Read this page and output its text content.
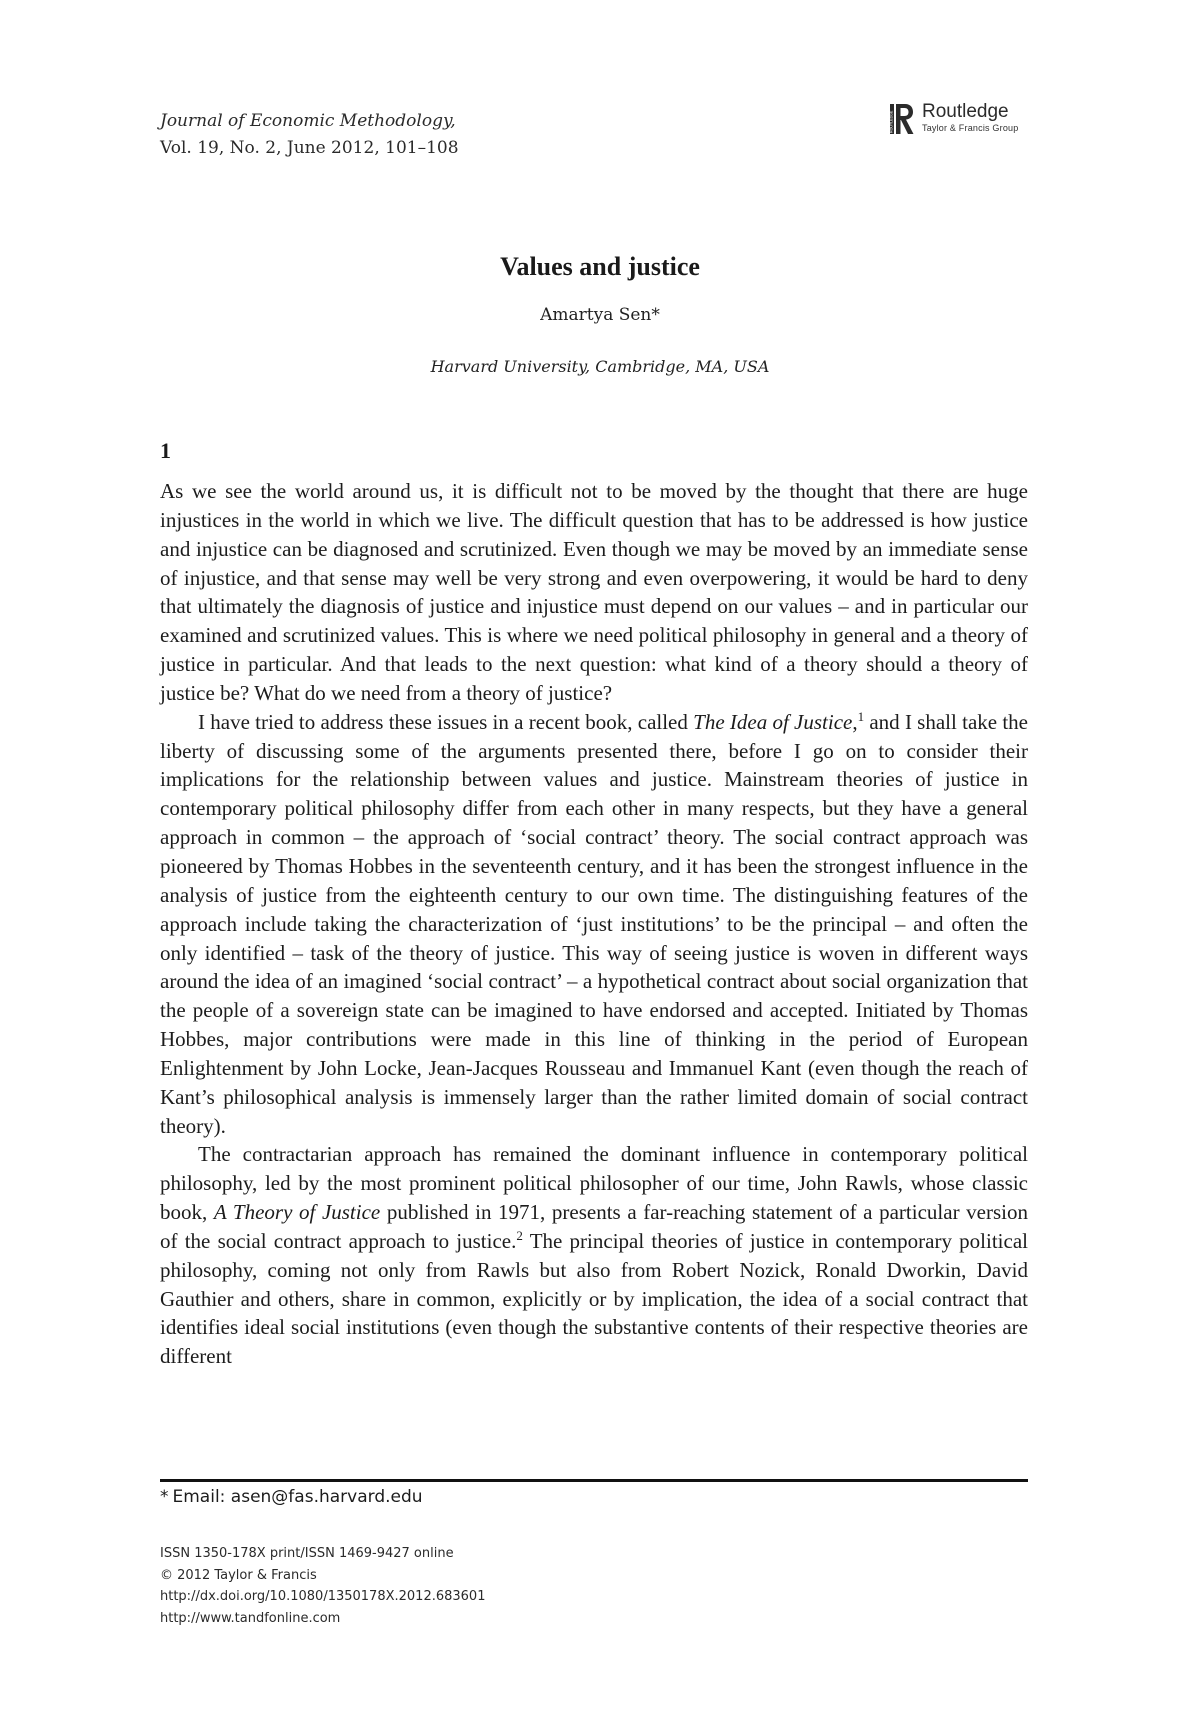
Journal of Economic Methodology,
Vol. 19, No. 2, June 2012, 101–108
ROUTLEDGE Routledge
Taylor & Francis Group
Values and justice
Amartya Sen*
Harvard University, Cambridge, MA, USA
1

As we see the world around us, it is difficult not to be moved by the thought that there are huge injustices in the world in which we live. The difficult question that has to be addressed is how justice and injustice can be diagnosed and scrutinized. Even though we may be moved by an immediate sense of injustice, and that sense may well be very strong and even overpowering, it would be hard to deny that ultimately the diagnosis of justice and injustice must depend on our values – and in particular our examined and scrutinized values. This is where we need political philosophy in general and a theory of justice in particular. And that leads to the next question: what kind of a theory should a theory of justice be? What do we need from a theory of justice?

I have tried to address these issues in a recent book, called The Idea of Justice,$^1$ and I shall take the liberty of discussing some of the arguments presented there, before I go on to consider their implications for the relationship between values and justice. Mainstream theories of justice in contemporary political philosophy differ from each other in many respects, but they have a general approach in common – the approach of ‘social contract’ theory. The social contract approach was pioneered by Thomas Hobbes in the seventeenth century, and it has been the strongest influence in the analysis of justice from the eighteenth century to our own time. The distinguishing features of the approach include taking the characterization of ‘just institutions’ to be the principal – and often the only identified – task of the theory of justice. This way of seeing justice is woven in different ways around the idea of an imagined ‘social contract’ – a hypothetical contract about social organization that the people of a sovereign state can be imagined to have endorsed and accepted. Initiated by Thomas Hobbes, major contributions were made in this line of thinking in the period of European Enlightenment by John Locke, Jean-Jacques Rousseau and Immanuel Kant (even though the reach of Kant’s philosophical analysis is immensely larger than the rather limited domain of social contract theory).

The contractarian approach has remained the dominant influence in contemporary political philosophy, led by the most prominent political philosopher of our time, John Rawls, whose classic book, A Theory of Justice published in 1971, presents a far-reaching statement of a particular version of the social contract approach to justice.$^2$ The principal theories of justice in contemporary political philosophy, coming not only from Rawls but also from Robert Nozick, Ronald Dworkin, David Gauthier and others, share in common, explicitly or by implication, the idea of a social contract that identifies ideal social institutions (even though the substantive contents of their respective theories are different

* Email: asen@fas.harvard.edu
ISSN 1350-178X print/ISSN 1469-9427 online
© 2012 Taylor & Francis
http://dx.doi.org/10.1080/1350178X.2012.683601
http://www.tandfonline.com
